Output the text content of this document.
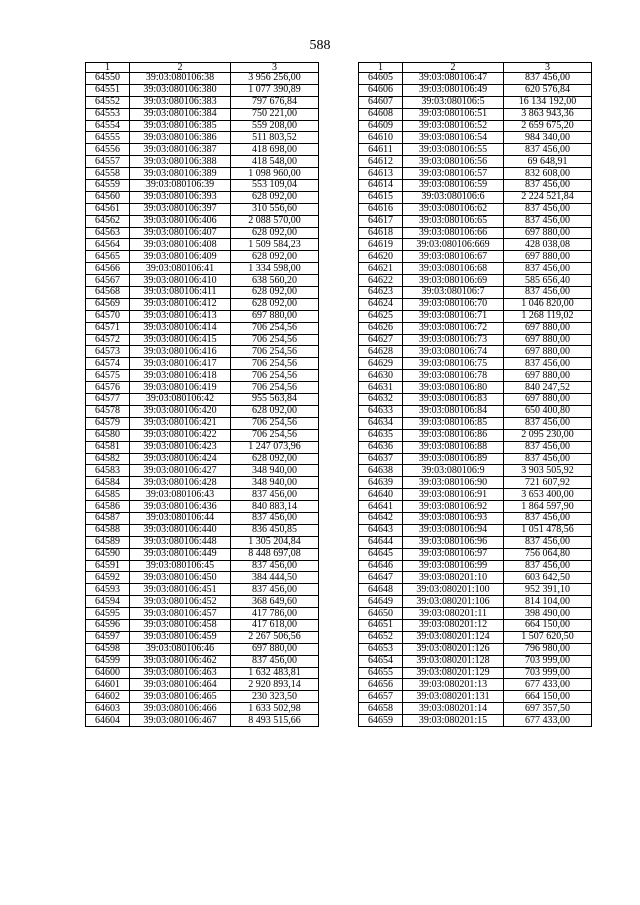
588
1	2	3
64550	39:03:080106:38	3 956 256,00
64551	39:03:080106:380	1 077 390,89
64552	39:03:080106:383	797 676,84
64553	39:03:080106:384	750 221,00
64554	39:03:080106:385	559 208,00
64555	39:03:080106:386	511 803,52
64556	39:03:080106:387	418 698,00
64557	39:03:080106:388	418 548,00
64558	39:03:080106:389	1 098 960,00
64559	39:03:080106:39	553 109,04
64560	39:03:080106:393	628 092,00
64561	39:03:080106:397	310 556,60
64562	39:03:080106:406	2 088 570,00
64563	39:03:080106:407	628 092,00
64564	39:03:080106:408	1 509 584,23
64565	39:03:080106:409	628 092,00
64566	39:03:080106:41	1 334 598,00
64567	39:03:080106:410	638 560,20
64568	39:03:080106:411	628 092,00
64569	39:03:080106:412	628 092,00
64570	39:03:080106:413	697 880,00
64571	39:03:080106:414	706 254,56
64572	39:03:080106:415	706 254,56
64573	39:03:080106:416	706 254,56
64574	39:03:080106:417	706 254,56
64575	39:03:080106:418	706 254,56
64576	39:03:080106:419	706 254,56
64577	39:03:080106:42	955 563,84
64578	39:03:080106:420	628 092,00
64579	39:03:080106:421	706 254,56
64580	39:03:080106:422	706 254,56
64581	39:03:080106:423	1 247 073,96
64582	39:03:080106:424	628 092,00
64583	39:03:080106:427	348 940,00
64584	39:03:080106:428	348 940,00
64585	39:03:080106:43	837 456,00
64586	39:03:080106:436	840 883,14
64587	39:03:080106:44	837 456,00
64588	39:03:080106:440	836 450,85
64589	39:03:080106:448	1 305 204,84
64590	39:03:080106:449	8 448 697,08
64591	39:03:080106:45	837 456,00
64592	39:03:080106:450	384 444,50
64593	39:03:080106:451	837 456,00
64594	39:03:080106:452	368 649,60
64595	39:03:080106:457	417 786,00
64596	39:03:080106:458	417 618,00
64597	39:03:080106:459	2 267 506,56
64598	39:03:080106:46	697 880,00
64599	39:03:080106:462	837 456,00
64600	39:03:080106:463	1 632 483,81
64601	39:03:080106:464	2 920 893,14
64602	39:03:080106:465	230 323,50
64603	39:03:080106:466	1 633 502,98
64604	39:03:080106:467	8 493 515,66
1	2	3
64605	39:03:080106:47	837 456,00
64606	39:03:080106:49	620 576,84
64607	39:03:080106:5	16 134 192,00
64608	39:03:080106:51	3 863 943,36
64609	39:03:080106:52	2 659 675,20
64610	39:03:080106:54	984 340,00
64611	39:03:080106:55	837 456,00
64612	39:03:080106:56	69 648,91
64613	39:03:080106:57	832 608,00
64614	39:03:080106:59	837 456,00
64615	39:03:080106:6	2 224 521,84
64616	39:03:080106:62	837 456,00
64617	39:03:080106:65	837 456,00
64618	39:03:080106:66	697 880,00
64619	39:03:080106:669	428 038,08
64620	39:03:080106:67	697 880,00
64621	39:03:080106:68	837 456,00
64622	39:03:080106:69	585 656,40
64623	39:03:080106:7	837 456,00
64624	39:03:080106:70	1 046 820,00
64625	39:03:080106:71	1 268 119,02
64626	39:03:080106:72	697 880,00
64627	39:03:080106:73	697 880,00
64628	39:03:080106:74	697 880,00
64629	39:03:080106:75	837 456,00
64630	39:03:080106:78	697 880,00
64631	39:03:080106:80	840 247,52
64632	39:03:080106:83	697 880,00
64633	39:03:080106:84	650 400,80
64634	39:03:080106:85	837 456,00
64635	39:03:080106:86	2 095 230,00
64636	39:03:080106:88	837 456,00
64637	39:03:080106:89	837 456,00
64638	39:03:080106:9	3 903 505,92
64639	39:03:080106:90	721 607,92
64640	39:03:080106:91	3 653 400,00
64641	39:03:080106:92	1 864 597,90
64642	39:03:080106:93	837 456,00
64643	39:03:080106:94	1 051 478,56
64644	39:03:080106:96	837 456,00
64645	39:03:080106:97	756 064,80
64646	39:03:080106:99	837 456,00
64647	39:03:080201:10	603 642,50
64648	39:03:080201:100	952 391,10
64649	39:03:080201:106	814 104,00
64650	39:03:080201:11	398 490,00
64651	39:03:080201:12	664 150,00
64652	39:03:080201:124	1 507 620,50
64653	39:03:080201:126	796 980,00
64654	39:03:080201:128	703 999,00
64655	39:03:080201:129	703 999,00
64656	39:03:080201:13	677 433,00
64657	39:03:080201:131	664 150,00
64658	39:03:080201:14	697 357,50
64659	39:03:080201:15	677 433,00
